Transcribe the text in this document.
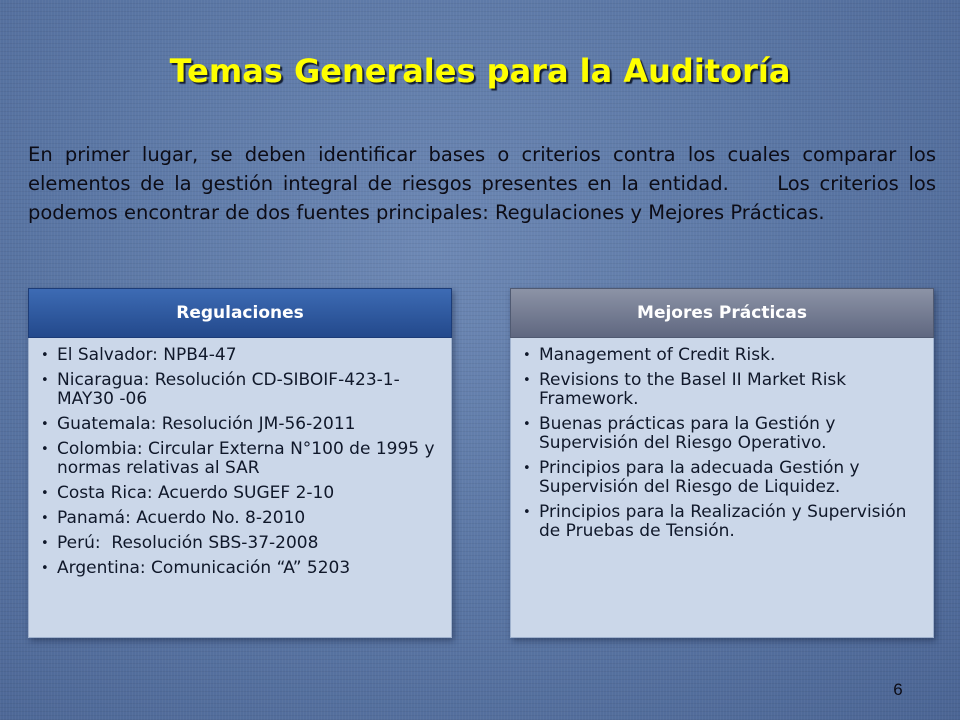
Temas Generales para la Auditoría

En primer lugar, se deben identificar bases o criterios contra los cuales comparar los elementos de la gestión integral de riesgos presentes en la entidad.     Los criterios los podemos encontrar de dos fuentes principales: Regulaciones y Mejores Prácticas.

Regulaciones
• El Salvador: NPB4-47
• Nicaragua: Resolución CD-SIBOIF-423-1-MAY30 -06
• Guatemala: Resolución JM-56-2011
• Colombia: Circular Externa N°100 de 1995 y normas relativas al SAR
• Costa Rica: Acuerdo SUGEF 2-10
• Panamá: Acuerdo No. 8-2010
• Perú:  Resolución SBS-37-2008
• Argentina: Comunicación “A” 5203
Mejores Prácticas
• Management of Credit Risk.
• Revisions to the Basel II Market Risk Framework.
• Buenas prácticas para la Gestión y Supervisión del Riesgo Operativo.
• Principios para la adecuada Gestión y Supervisión del Riesgo de Liquidez.
• Principios para la Realización y Supervisión de Pruebas de Tensión.
6
